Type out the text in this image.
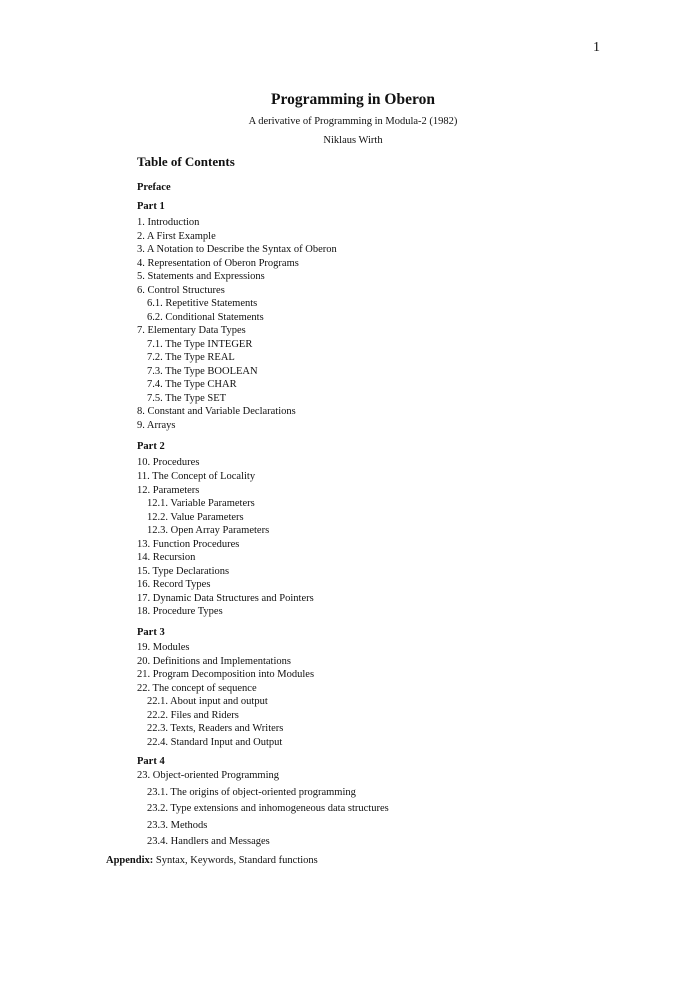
1
Programming in Oberon
A derivative of Programming in Modula-2 (1982)
Niklaus Wirth
Table of Contents
Preface
Part 1
1. Introduction
2. A First Example
3. A Notation to Describe the Syntax of Oberon
4. Representation of Oberon Programs
5. Statements and Expressions
6. Control Structures
6.1. Repetitive Statements
6.2. Conditional Statements
7. Elementary Data Types
7.1. The Type INTEGER
7.2. The Type REAL
7.3. The Type BOOLEAN
7.4. The Type CHAR
7.5. The Type SET
8. Constant and Variable Declarations
9. Arrays
Part 2
10. Procedures
11. The Concept of Locality
12. Parameters
12.1. Variable Parameters
12.2. Value Parameters
12.3. Open Array Parameters
13. Function Procedures
14. Recursion
15. Type Declarations
16. Record Types
17. Dynamic Data Structures and Pointers
18. Procedure Types
Part 3
19. Modules
20. Definitions and Implementations
21. Program Decomposition into Modules
22. The concept of sequence
22.1. About input and output
22.2. Files and Riders
22.3. Texts, Readers and Writers
22.4. Standard Input and Output
Part 4
23. Object-oriented Programming
23.1. The origins of object-oriented programming
23.2. Type extensions and inhomogeneous data structures
23.3. Methods
23.4. Handlers and Messages
Appendix: Syntax, Keywords, Standard functions
